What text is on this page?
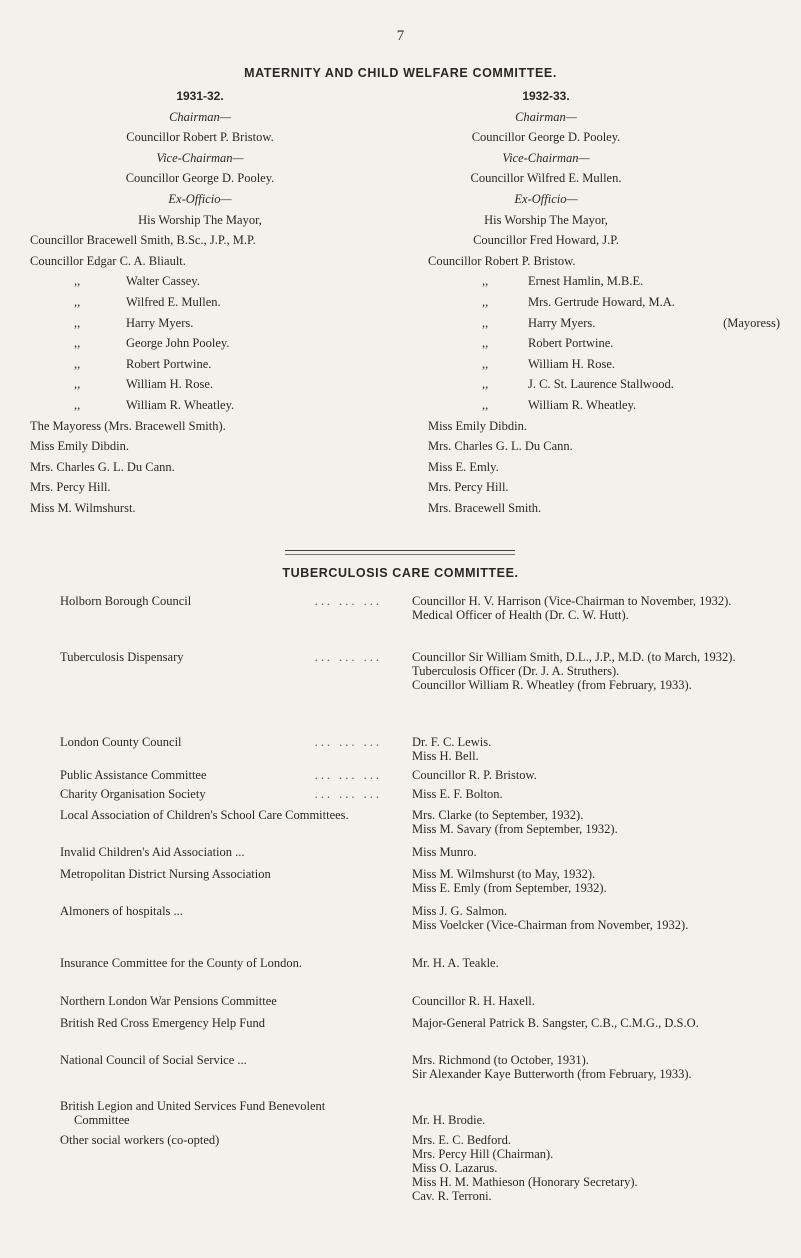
7
MATERNITY AND CHILD WELFARE COMMITTEE.
1931-32.
Chairman—
Councillor Robert P. Bristow.
Vice-Chairman—
Councillor George D. Pooley.
Ex-Officio—
His Worship The Mayor,
Councillor Bracewell Smith, B.Sc., J.P., M.P.
Councillor Edgar C. A. Bliault.
,,	Walter Cassey.
,,	Wilfred E. Mullen.
,,	Harry Myers.
,,	George John Pooley.
,,	Robert Portwine.
,,	William H. Rose.
,,	William R. Wheatley.
The Mayoress (Mrs. Bracewell Smith).
Miss Emily Dibdin.
Mrs. Charles G. L. Du Cann.
Mrs. Percy Hill.
Miss M. Wilmshurst.
1932-33.
Chairman—
Councillor George D. Pooley.
Vice-Chairman—
Councillor Wilfred E. Mullen.
Ex-Officio—
His Worship The Mayor,
Councillor Fred Howard, J.P.
Councillor Robert P. Bristow.
,,	Ernest Hamlin, M.B.E.
,,	Mrs. Gertrude Howard, M.A.
,,	Harry Myers.	(Mayoress)
,,	Robert Portwine.
,,	William H. Rose.
,,	J. C. St. Laurence Stallwood.
,,	William R. Wheatley.
Miss Emily Dibdin.
Mrs. Charles G. L. Du Cann.
Miss E. Emly.
Mrs. Percy Hill.
Mrs. Bracewell Smith.
TUBERCULOSIS CARE COMMITTEE.
Holborn Borough Council	... ... ... Councillor H. V. Harrison (Vice-Chairman to November, 1932).
Medical Officer of Health (Dr. C. W. Hutt).
Tuberculosis Dispensary	... ... ... Councillor Sir William Smith, D.L., J.P., M.D. (to March, 1932).
Tuberculosis Officer (Dr. J. A. Struthers).
Councillor William R. Wheatley (from February, 1933).
London County Council	... ... ... Dr. F. C. Lewis.
Miss H. Bell.
Public Assistance Committee	... ... ... Councillor R. P. Bristow.
Charity Organisation Society	... ... ... Miss E. F. Bolton.
Local Association of Children's School Care Committees.	Mrs. Clarke (to September, 1932).
Miss M. Savary (from September, 1932).
Invalid Children's Aid Association ...	Miss Munro.
Metropolitan District Nursing Association	Miss M. Wilmshurst (to May, 1932).
Miss E. Emly (from September, 1932).
Almoners of hospitals ...	Miss J. G. Salmon.
Miss Voelcker (Vice-Chairman from November, 1932).
Insurance Committee for the County of London.	Mr. H. A. Teakle.
Northern London War Pensions Committee	Councillor R. H. Haxell.
British Red Cross Emergency Help Fund	Major-General Patrick B. Sangster, C.B., C.M.G., D.S.O.
National Council of Social Service ...	Mrs. Richmond (to October, 1931).
Sir Alexander Kaye Butterworth (from February, 1933).
British Legion and United Services Fund Benevolent Committee	Mr. H. Brodie.
Other social workers (co-opted)	Mrs. E. C. Bedford.
Mrs. Percy Hill (Chairman).
Miss O. Lazarus.
Miss H. M. Mathieson (Honorary Secretary).
Cav. R. Terroni.
